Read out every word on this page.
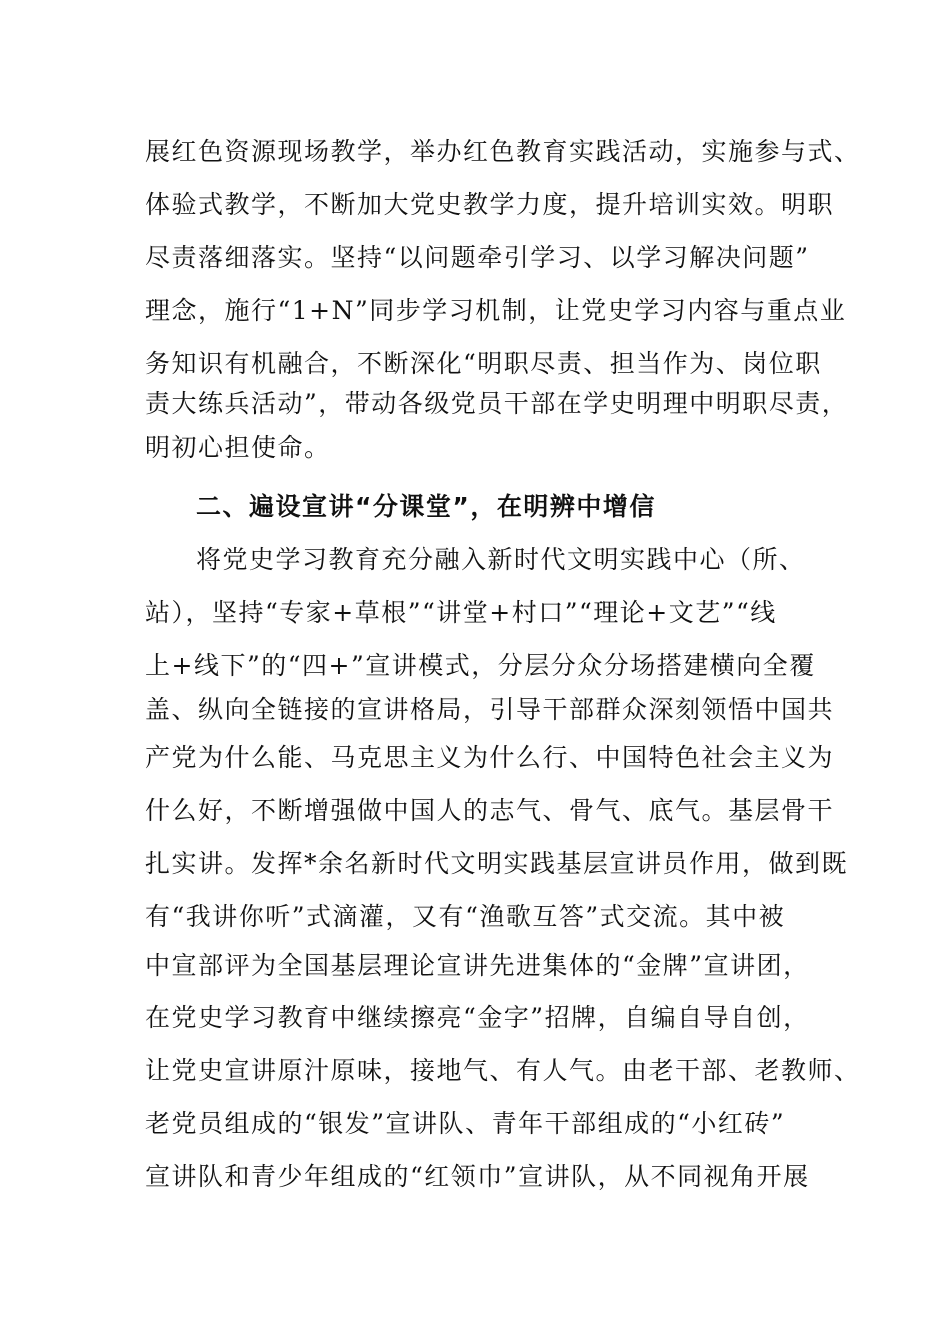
展红色资源现场教学，举办红色教育实践活动，实施参与式、
体验式教学，不断加大党史教学力度，提升培训实效。明职
尽责落细落实。坚持“以问题牵引学习、以学习解决问题”
理念，施行“1+N”同步学习机制，让党史学习内容与重点业
务知识有机融合，不断深化“明职尽责、担当作为、岗位职
责大练兵活动”，带动各级党员干部在学史明理中明职尽责，
明初心担使命。
二、遍设宣讲“分课堂”，在明辨中增信
将党史学习教育充分融入新时代文明实践中心（所、
站），坚持“专家+草根”“讲堂+村口”“理论+文艺”“线
上+线下”的“四+”宣讲模式，分层分众分场搭建横向全覆
盖、纵向全链接的宣讲格局，引导干部群众深刻领悟中国共
产党为什么能、马克思主义为什么行、中国特色社会主义为
什么好，不断增强做中国人的志气、骨气、底气。基层骨干
扎实讲。发挥*余名新时代文明实践基层宣讲员作用，做到既
有“我讲你听”式滴灌，又有“渔歌互答”式交流。其中被
中宣部评为全国基层理论宣讲先进集体的“金牌”宣讲团，
在党史学习教育中继续擦亮“金字”招牌，自编自导自创，
让党史宣讲原汁原味，接地气、有人气。由老干部、老教师、
老党员组成的“银发”宣讲队、青年干部组成的“小红砖”
宣讲队和青少年组成的“红领巾”宣讲队，从不同视角开展
